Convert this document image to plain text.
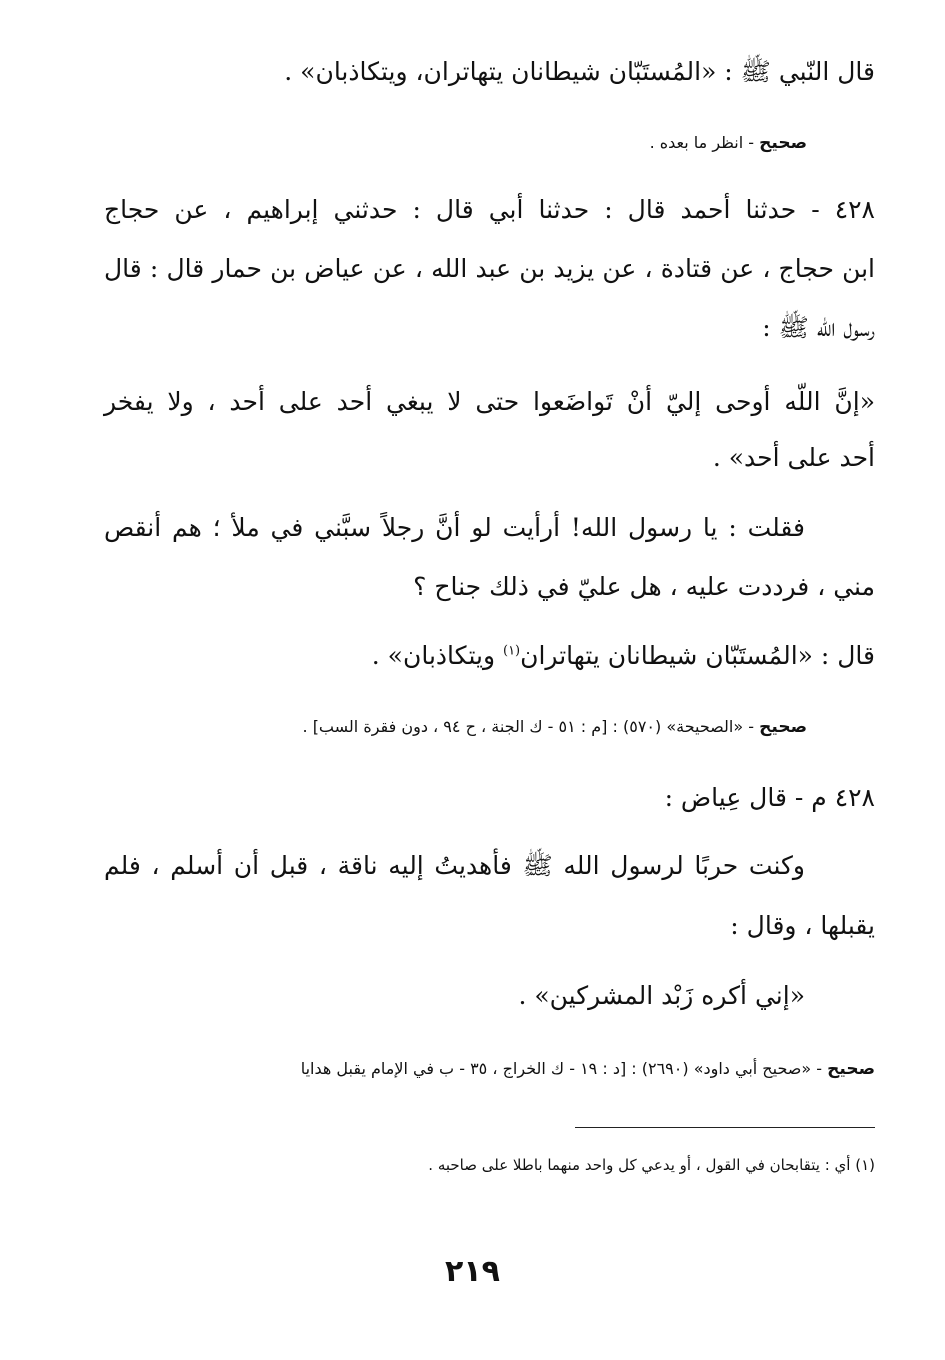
قال النّبي ﷺ : «المُستَبّان شيطانان يتهاتران، ويتكاذبان» .
صحيح - انظر ما بعده .
٤٢٨ - حدثنا أحمد قال : حدثنا أبي قال : حدثني إبراهيم ، عن حجاج
ابن حجاج ، عن قتادة ، عن يزيد بن عبد الله ، عن عياض بن حمار قال : قال
رسول الله ﷺ :
«إنَّ اللّه أوحى إليّ أنْ تَواضَعوا حتى لا يبغي أحد على أحد ، ولا يفخر
أحد على أحد» .
فقلت : يا رسول الله! أرأيت لو أنَّ رجلاً سبَّني في ملأ ؛ هم أنقص
مني ، فرددت عليه ، هل عليّ في ذلك جناح ؟
قال : «المُستَبّان شيطانان يتهاتران$^{(١)}$ ويتكاذبان» .
صحيح - «الصحيحة» (٥٧٠) : [م : ٥١ - ك الجنة ، ح ٩٤ ، دون فقرة السب] .
٤٢٨ م - قال عِياض :
وكنت حربًا لرسول الله ﷺ فأهديتُ إليه ناقة ، قبل أن أسلم ، فلم
يقبلها ، وقال :
«إني أكره زَبْد المشركين» .
صحيح - «صحيح أبي داود» (٢٦٩٠) : [د : ١٩ - ك الخراج ، ٣٥ - ب في الإمام يقبل هدايا
(١) أي : يتقابحان في القول ، أو يدعي كل واحد منهما باطلا على صاحبه .
٢١٩
